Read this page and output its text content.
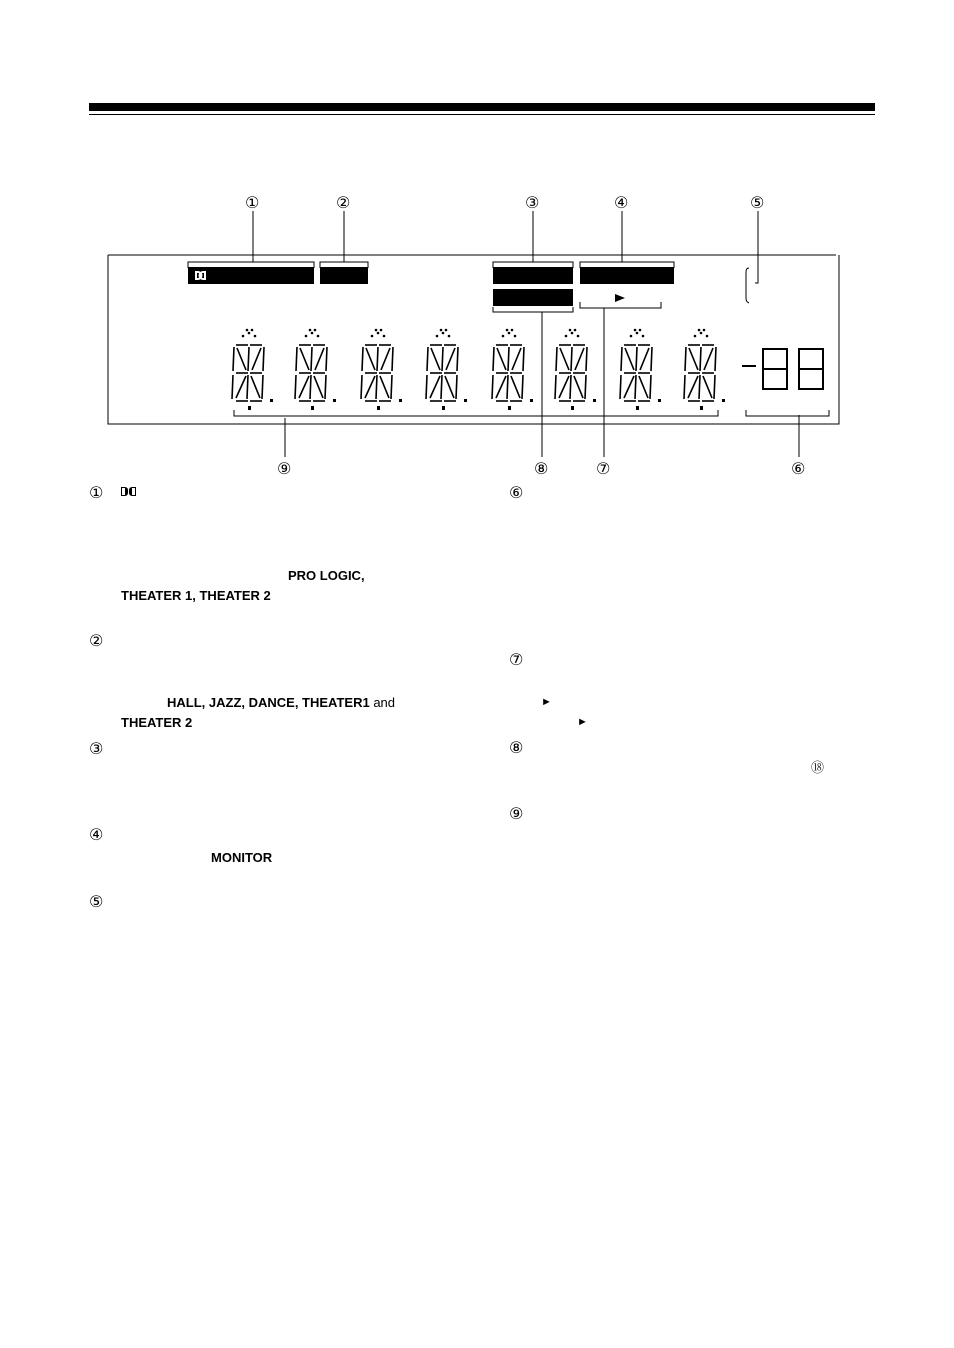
①	②	③	④	⑤
⑨	⑧	⑦	⑥
①
PRO LOGIC,
THEATER 1, THEATER 2
②
HALL, JAZZ, DANCE, THEATER1 and
THEATER 2
③
④
MONITOR
⑤
⑥
⑦
►
►
⑧
⑱
⑨
